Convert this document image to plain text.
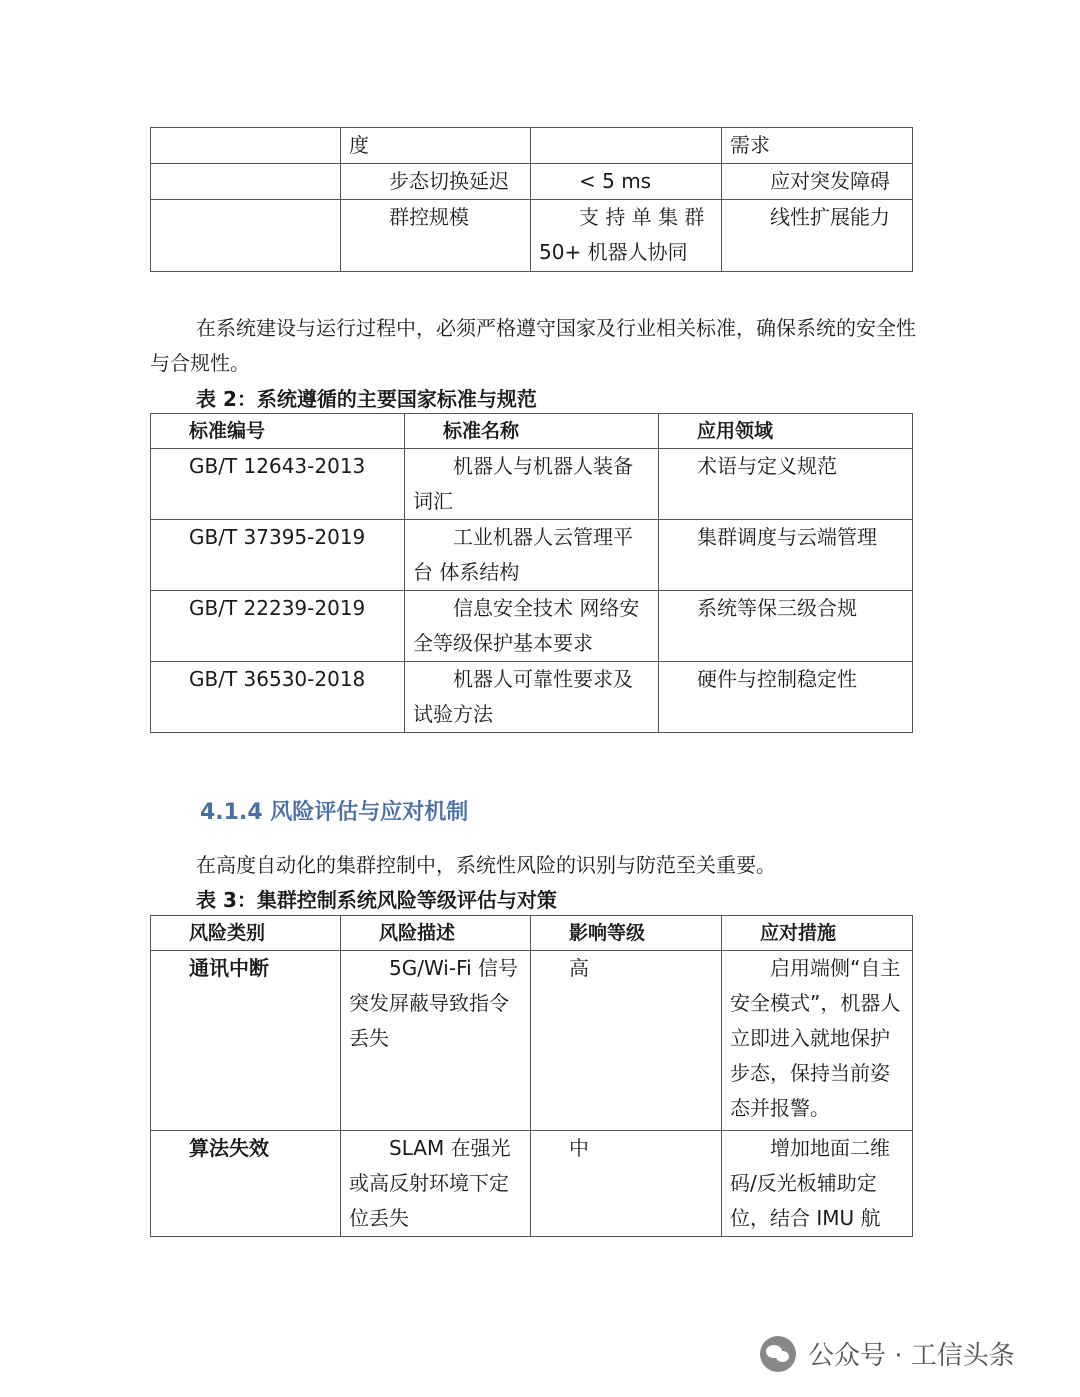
	度		需求
	步态切换延迟	< 5 ms	应对突发障碍
	群控规模	支 持 单 集 群 50+ 机器人协同	线性扩展能力
在系统建设与运行过程中，必须严格遵守国家及行业相关标准，确保系统的安全性与合规性。
表 2：系统遵循的主要国家标准与规范
标准编号	标准名称	应用领域
GB/T 12643-2013	机器人与机器人装备词汇	术语与定义规范
GB/T 37395-2019	工业机器人云管理平台 体系结构	集群调度与云端管理
GB/T 22239-2019	信息安全技术 网络安全等级保护基本要求	系统等保三级合规
GB/T 36530-2018	机器人可靠性要求及试验方法	硬件与控制稳定性
4.1.4 风险评估与应对机制
在高度自动化的集群控制中，系统性风险的识别与防范至关重要。
表 3：集群控制系统风险等级评估与对策
风险类别	风险描述	影响等级	应对措施
通讯中断	5G/Wi-Fi 信号突发屏蔽导致指令丢失	高	启用端侧“自主安全模式”，机器人立即进入就地保护步态，保持当前姿态并报警。
算法失效	SLAM 在强光或高反射环境下定位丢失	中	增加地面二维码/反光板辅助定位，结合 IMU 航
公众号 · 工信头条
